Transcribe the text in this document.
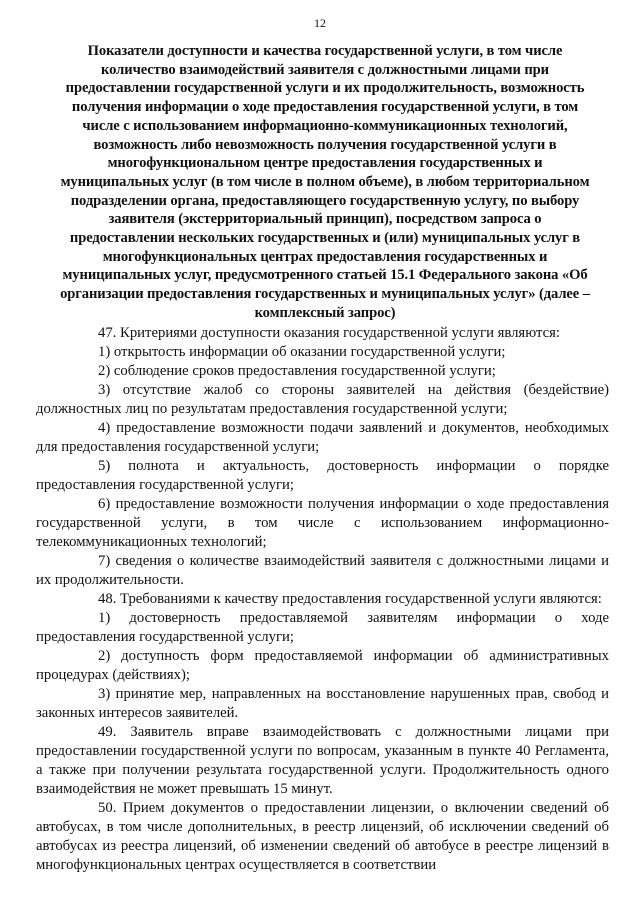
12
Показатели доступности и качества государственной услуги, в том числе количество взаимодействий заявителя с должностными лицами при предоставлении государственной услуги и их продолжительность, возможность получения информации о ходе предоставления государственной услуги, в том числе с использованием информационно-коммуникационных технологий, возможность либо невозможность получения государственной услуги в многофункциональном центре предоставления государственных и муниципальных услуг (в том числе в полном объеме), в любом территориальном подразделении органа, предоставляющего государственную услугу, по выбору заявителя (экстерриториальный принцип), посредством запроса о предоставлении нескольких государственных и (или) муниципальных услуг в многофункциональных центрах предоставления государственных и муниципальных услуг, предусмотренного статьей 15.1 Федерального закона «Об организации предоставления государственных и муниципальных услуг» (далее – комплексный запрос)

47. Критериями доступности оказания государственной услуги являются:

1) открытость информации об оказании государственной услуги;

2) соблюдение сроков предоставления государственной услуги;

3) отсутствие жалоб со стороны заявителей на действия (бездействие) должностных лиц по результатам предоставления государственной услуги;

4) предоставление возможности подачи заявлений и документов, необходимых для предоставления государственной услуги;

5) полнота и актуальность, достоверность информации о порядке предоставления государственной услуги;

6) предоставление возможности получения информации о ходе предоставления государственной услуги, в том числе с использованием информационно-телекоммуникационных технологий;

7) сведения о количестве взаимодействий заявителя с должностными лицами и их продолжительности.

48. Требованиями к качеству предоставления государственной услуги являются:

1) достоверность предоставляемой заявителям информации о ходе предоставления государственной услуги;

2) доступность форм предоставляемой информации об административных процедурах (действиях);

3) принятие мер, направленных на восстановление нарушенных прав, свобод и законных интересов заявителей.

49. Заявитель вправе взаимодействовать с должностными лицами при предоставлении государственной услуги по вопросам, указанным в пункте 40 Регламента, а также при получении результата государственной услуги. Продолжительность одного взаимодействия не может превышать 15 минут.

50. Прием документов о предоставлении лицензии, о включении сведений об автобусах, в том числе дополнительных, в реестр лицензий, об исключении сведений об автобусах из реестра лицензий, об изменении сведений об автобусе в реестре лицензий в многофункциональных центрах осуществляется в соответствии
